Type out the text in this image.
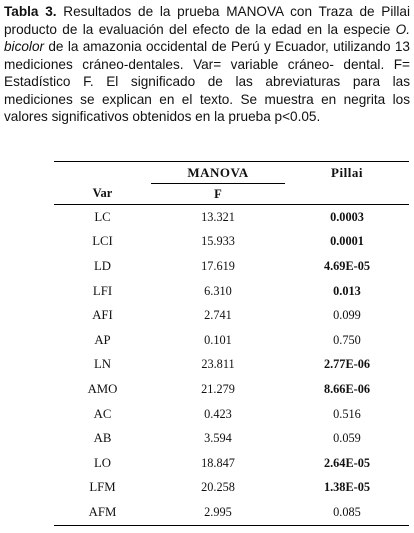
Tabla 3. Resultados de la prueba MANOVA con Traza de Pillai producto de la evaluación del efecto de la edad en la especie O. bicolor de la amazonia occidental de Perú y Ecuador, utilizando 13 mediciones cráneo-dentales. Var= variable cráneo- dental. F= Estadístico F. El significado de las abreviaturas para las mediciones se explican en el texto. Se muestra en negrita los valores significativos obtenidos en la prueba p<0.05.

	MANOVA	Pillai
Var	F	
LC	13.321	0.0003
LCI	15.933	0.0001
LD	17.619	4.69E-05
LFI	6.310	0.013
AFI	2.741	0.099
AP	0.101	0.750
LN	23.811	2.77E-06
AMO	21.279	8.66E-06
AC	0.423	0.516
AB	3.594	0.059
LO	18.847	2.64E-05
LFM	20.258	1.38E-05
AFM	2.995	0.085
